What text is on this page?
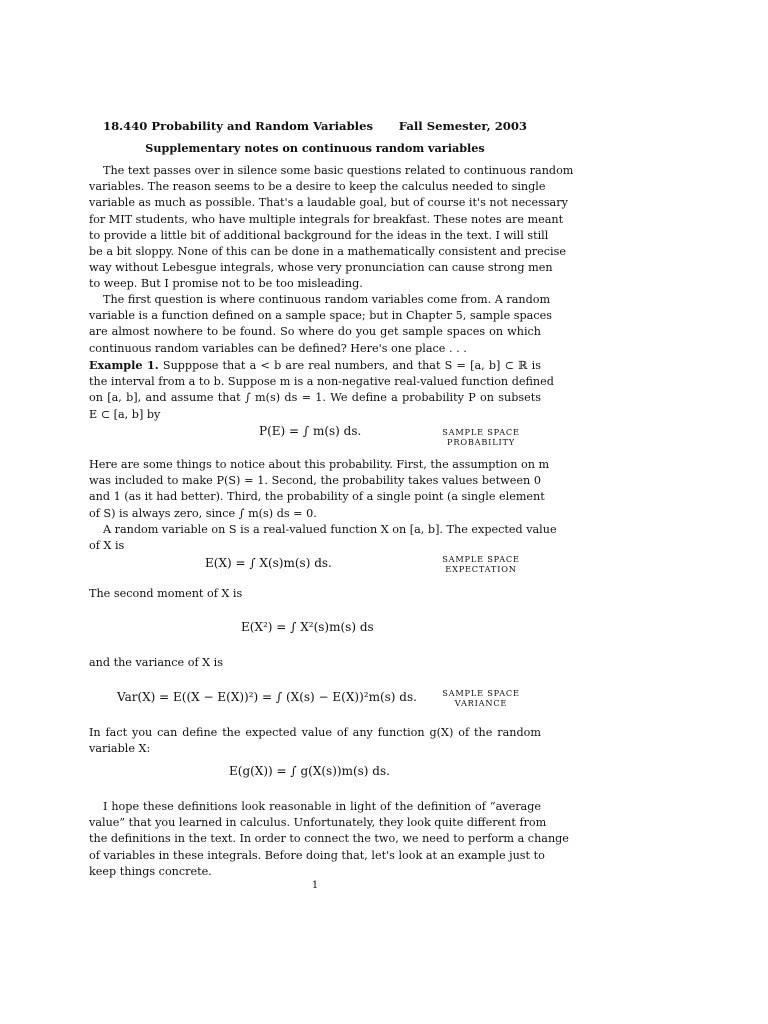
18.440 Probability and Random Variables Fall Semester, 2003
Supplementary notes on continuous random variables
The text passes over in silence some basic questions related to continuous random
variables. The reason seems to be a desire to keep the calculus needed to single
variable as much as possible. That's a laudable goal, but of course it's not necessary
for MIT students, who have multiple integrals for breakfast. These notes are meant
to provide a little bit of additional background for the ideas in the text. I will still
be a bit sloppy. None of this can be done in a mathematically consistent and precise
way without Lebesgue integrals, whose very pronunciation can cause strong men
to weep. But I promise not to be too misleading.
The first question is where continuous random variables come from. A random
variable is a function defined on a sample space; but in Chapter 5, sample spaces
are almost nowhere to be found. So where do you get sample spaces on which
continuous random variables can be defined? Here's one place . . .
Example 1. Supppose that a < b are real numbers, and that S = [a, b] ⊂ ℝ is
the interval from a to b. Suppose m is a non-negative real-valued function defined
on [a, b], and assume that ∫ m(s) ds = 1. We define a probability P on subsets
E ⊂ [a, b] by
P(E) = ∫ m(s) ds.	SAMPLE SPACE PROBABILITY
Here are some things to notice about this probability. First, the assumption on m
was included to make P(S) = 1. Second, the probability takes values between 0
and 1 (as it had better). Third, the probability of a single point (a single element
of S) is always zero, since ∫ m(s) ds = 0.
A random variable on S is a real-valued function X on [a, b]. The expected value
of X is
E(X) = ∫ X(s)m(s) ds.	SAMPLE SPACE EXPECTATION
The second moment of X is
E(X²) = ∫ X²(s)m(s) ds
and the variance of X is
Var(X) = E((X − E(X))²) = ∫ (X(s) − E(X))²m(s) ds.	SAMPLE SPACE VARIANCE
In fact you can define the expected value of any function g(X) of the random
variable X:
E(g(X)) = ∫ g(X(s))m(s) ds.
I hope these definitions look reasonable in light of the definition of “average
value” that you learned in calculus. Unfortunately, they look quite different from
the definitions in the text. In order to connect the two, we need to perform a change
of variables in these integrals. Before doing that, let's look at an example just to
keep things concrete.
1
